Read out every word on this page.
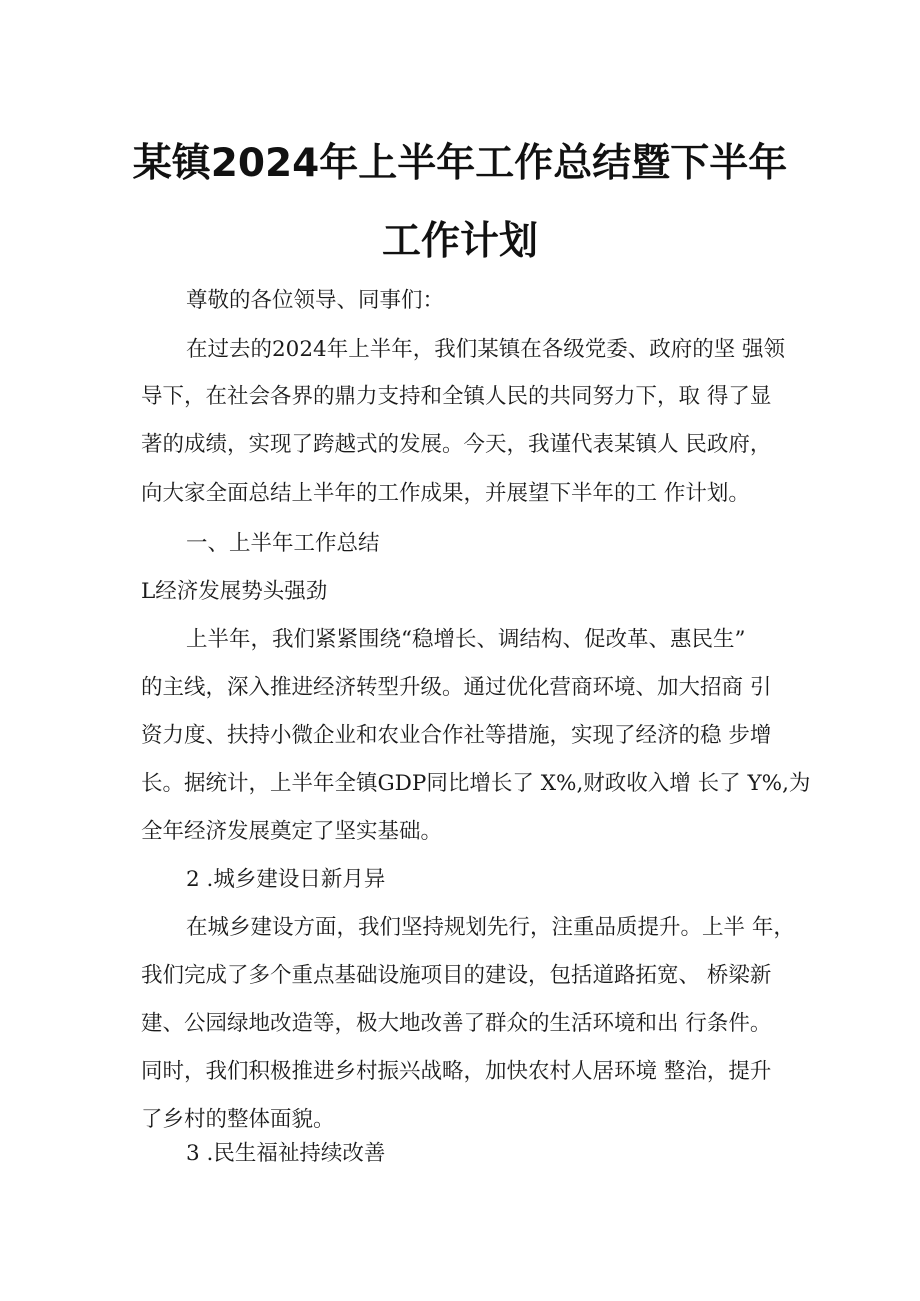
某镇2024年上半年工作总结暨下半年
工作计划

尊敬的各位领导、同事们：

在过去的2024年上半年，我们某镇在各级党委、政府的坚 强领

导下，在社会各界的鼎力支持和全镇人民的共同努力下，取 得了显

著的成绩，实现了跨越式的发展。今天，我谨代表某镇人 民政府，

向大家全面总结上半年的工作成果，并展望下半年的工 作计划。

一、上半年工作总结

L经济发展势头强劲

上半年，我们紧紧围绕“稳增长、调结构、促改革、惠民生”

的主线，深入推进经济转型升级。通过优化营商环境、加大招商 引

资力度、扶持小微企业和农业合作社等措施，实现了经济的稳 步增

长。据统计，上半年全镇GDP同比增长了 X%,财政收入增 长了 Y%,为

全年经济发展奠定了坚实基础。

2 .城乡建设日新月异

在城乡建设方面，我们坚持规划先行，注重品质提升。上半 年，

我们完成了多个重点基础设施项目的建设，包括道路拓宽、 桥梁新

建、公园绿地改造等，极大地改善了群众的生活环境和出 行条件。

同时，我们积极推进乡村振兴战略，加快农村人居环境 整治，提升

了乡村的整体面貌。

3 .民生福祉持续改善
